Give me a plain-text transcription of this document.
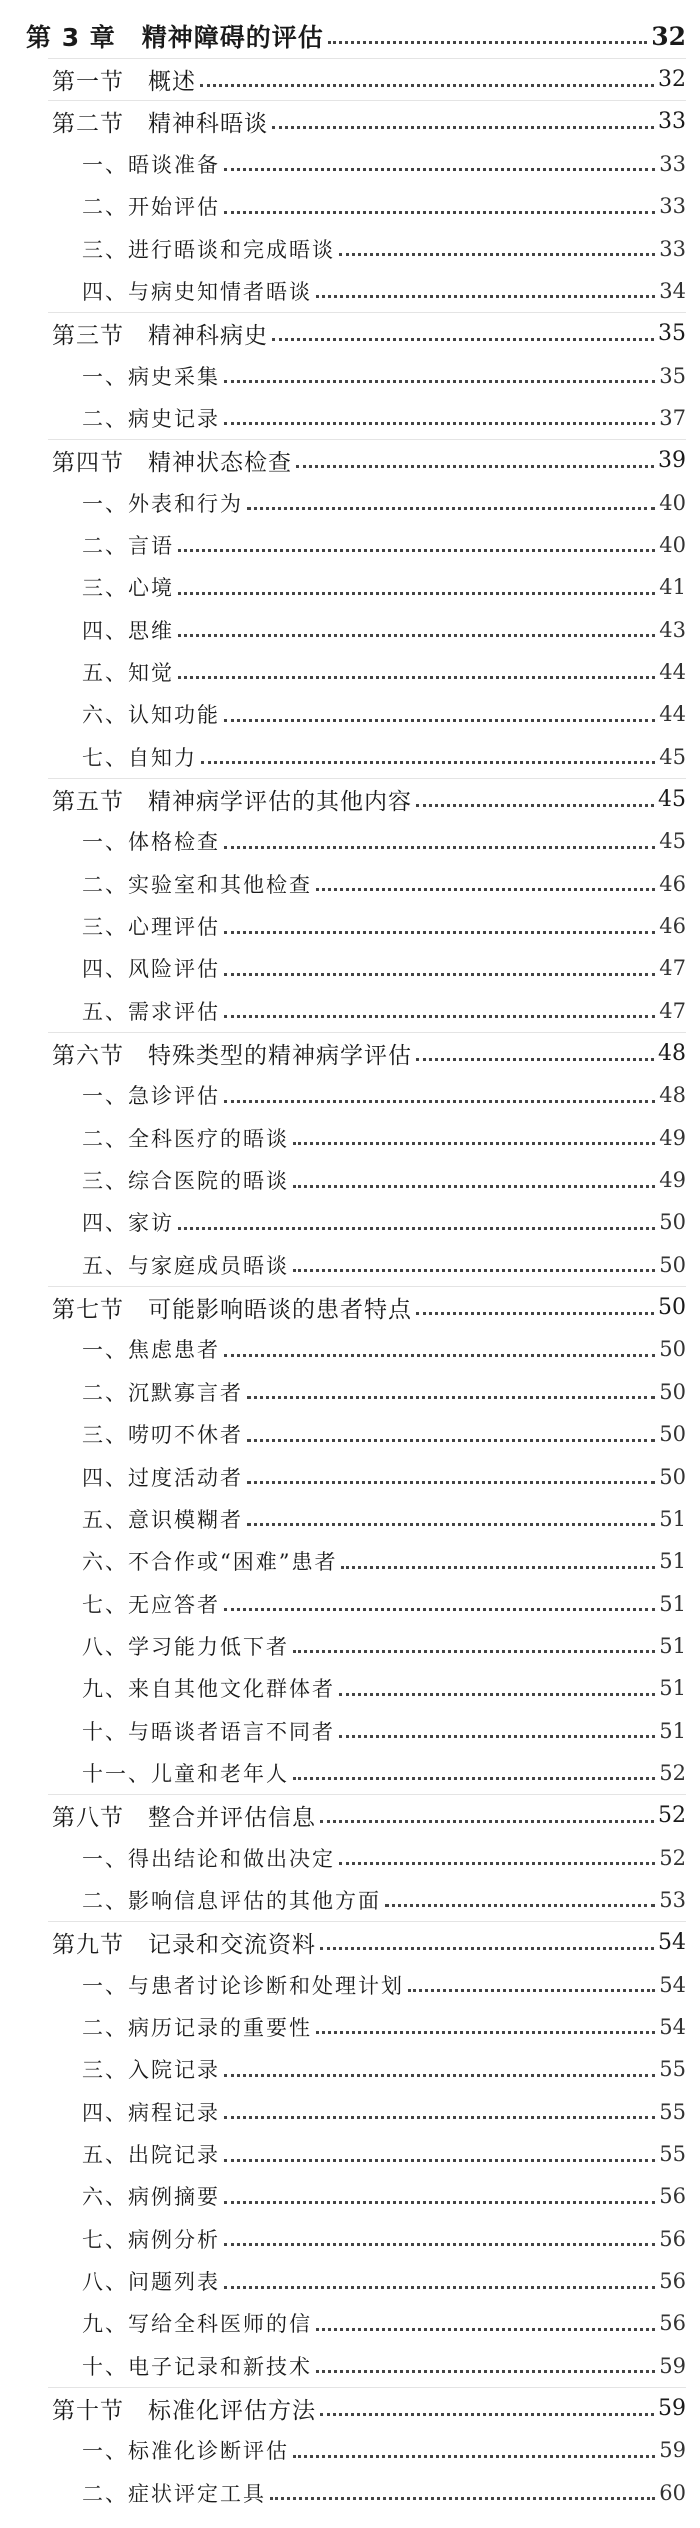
第 3 章　精神障碍的评估	32
第一节　概述	32
第二节　精神科晤谈	33
一、晤谈准备	33
二、开始评估	33
三、进行晤谈和完成晤谈	33
四、与病史知情者晤谈	34
第三节　精神科病史	35
一、病史采集	35
二、病史记录	37
第四节　精神状态检查	39
一、外表和行为	40
二、言语	40
三、心境	41
四、思维	43
五、知觉	44
六、认知功能	44
七、自知力	45
第五节　精神病学评估的其他内容	45
一、体格检查	45
二、实验室和其他检查	46
三、心理评估	46
四、风险评估	47
五、需求评估	47
第六节　特殊类型的精神病学评估	48
一、急诊评估	48
二、全科医疗的晤谈	49
三、综合医院的晤谈	49
四、家访	50
五、与家庭成员晤谈	50
第七节　可能影响晤谈的患者特点	50
一、焦虑患者	50
二、沉默寡言者	50
三、唠叨不休者	50
四、过度活动者	50
五、意识模糊者	51
六、不合作或“困难”患者	51
七、无应答者	51
八、学习能力低下者	51
九、来自其他文化群体者	51
十、与晤谈者语言不同者	51
十一、儿童和老年人	52
第八节　整合并评估信息	52
一、得出结论和做出决定	52
二、影响信息评估的其他方面	53
第九节　记录和交流资料	54
一、与患者讨论诊断和处理计划	54
二、病历记录的重要性	54
三、入院记录	55
四、病程记录	55
五、出院记录	55
六、病例摘要	56
七、病例分析	56
八、问题列表	56
九、写给全科医师的信	56
十、电子记录和新技术	59
第十节　标准化评估方法	59
一、标准化诊断评估	59
二、症状评定工具	60
